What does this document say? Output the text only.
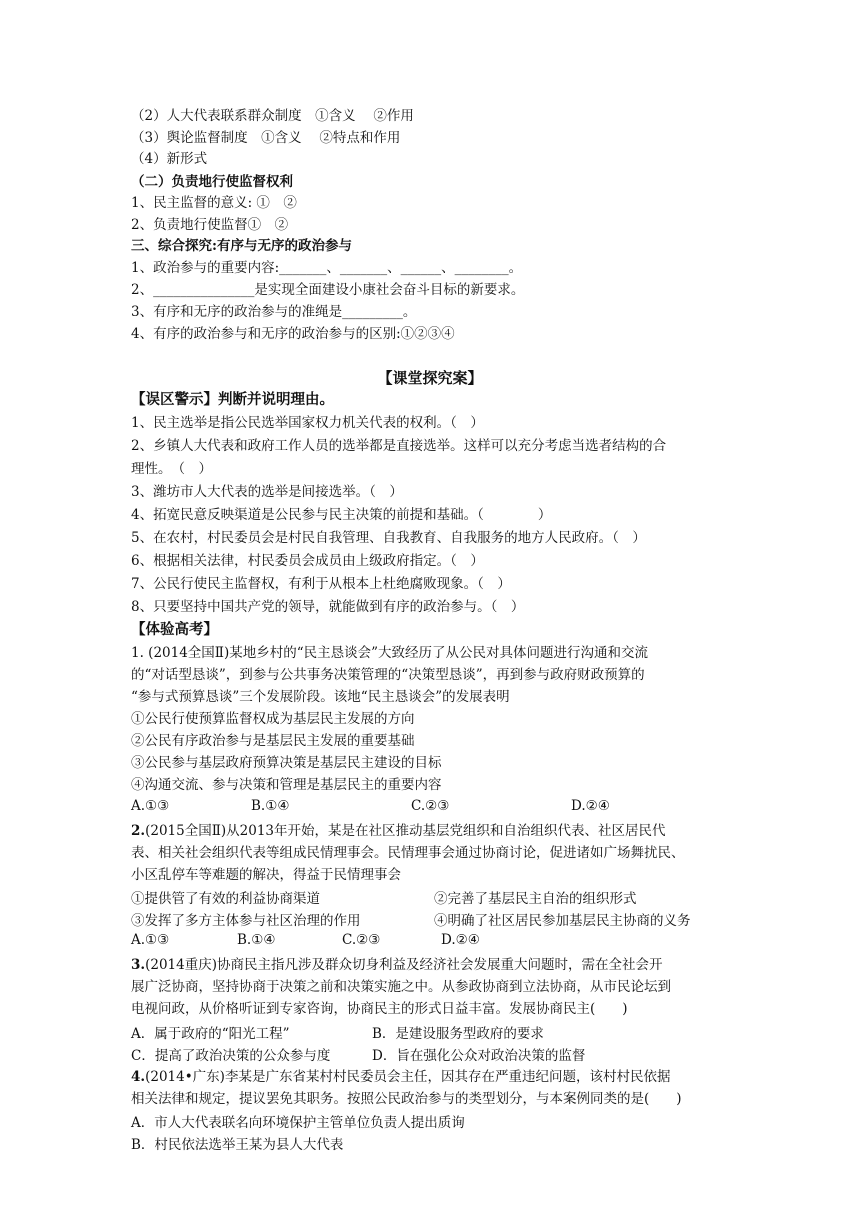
（2）人大代表联系群众制度　①含义　 ②作用
（3）舆论监督制度　①含义　 ②特点和作用
（4）新形式
（二）负责地行使监督权利
1、民主监督的意义: ①　②
2、负责地行使监督①　②
三、综合探究:有序与无序的政治参与
1、政治参与的重要内容:_______、_______、______、________。
2、_______________是实现全面建设小康社会奋斗目标的新要求。
3、有序和无序的政治参与的准绳是_________。
4、有序的政治参与和无序的政治参与的区别:①②③④
【课堂探究案】
【误区警示】判断并说明理由。
1、民主选举是指公民选举国家权力机关代表的权利。（　）
2、乡镇人大代表和政府工作人员的选举都是直接选举。这样可以充分考虑当选者结构的合
理性。　（　）
3、潍坊市人大代表的选举是间接选举。（　）
4、拓宽民意反映渠道是公民参与民主决策的前提和基础。（　　　　）
5、在农村，村民委员会是村民自我管理、自我教育、自我服务的地方人民政府。（　）
6、根据相关法律，村民委员会成员由上级政府指定。（　）
7、公民行使民主监督权，有利于从根本上杜绝腐败现象。（　）
8、只要坚持中国共产党的领导，就能做到有序的政治参与。（　）
【体验高考】
1. (2014全国Ⅱ)某地乡村的“民主恳谈会”大致经历了从公民对具体问题进行沟通和交流
的“对话型恳谈”，到参与公共事务决策管理的“决策型恳谈”，再到参与政府财政预算的
“参与式预算恳谈”三个发展阶段。该地“民主恳谈会”的发展表明
①公民行使预算监督权成为基层民主发展的方向
②公民有序政治参与是基层民主发展的重要基础
③公民参与基层政府预算决策是基层民主建设的目标
④沟通交流、参与决策和管理是基层民主的重要内容
A.①③	B.①④	C.②③	D.②④
2.(2015全国Ⅱ)从2013年开始，某是在社区推动基层党组织和自治组织代表、社区居民代
表、相关社会组织代表等组成民情理事会。民情理事会通过协商讨论，促进诸如广场舞扰民、
小区乱停车等难题的解决，得益于民情理事会
①提供管了有效的利益协商渠道	②完善了基层民主自治的组织形式
③发挥了多方主体参与社区治理的作用	④明确了社区居民参加基层民主协商的义务
A.①③	B.①④	C.②③	D.②④
3.(2014重庆)协商民主指凡涉及群众切身利益及经济社会发展重大问题时，需在全社会开
展广泛协商，坚持协商于决策之前和决策实施之中。从参政协商到立法协商，从市民论坛到
电视问政，从价格听证到专家咨询，协商民主的形式日益丰富。发展协商民主(　　)
A．属于政府的“阳光工程”	B．是建设服务型政府的要求
C．提高了政治决策的公众参与度	D．旨在强化公众对政治决策的监督
4.(2014•广东)李某是广东省某村村民委员会主任，因其存在严重违纪问题，该村村民依据
相关法律和规定，提议罢免其职务。按照公民政治参与的类型划分，与本案例同类的是(　　)
A．市人大代表联名向环境保护主管单位负责人提出质询
B．村民依法选举王某为县人大代表
